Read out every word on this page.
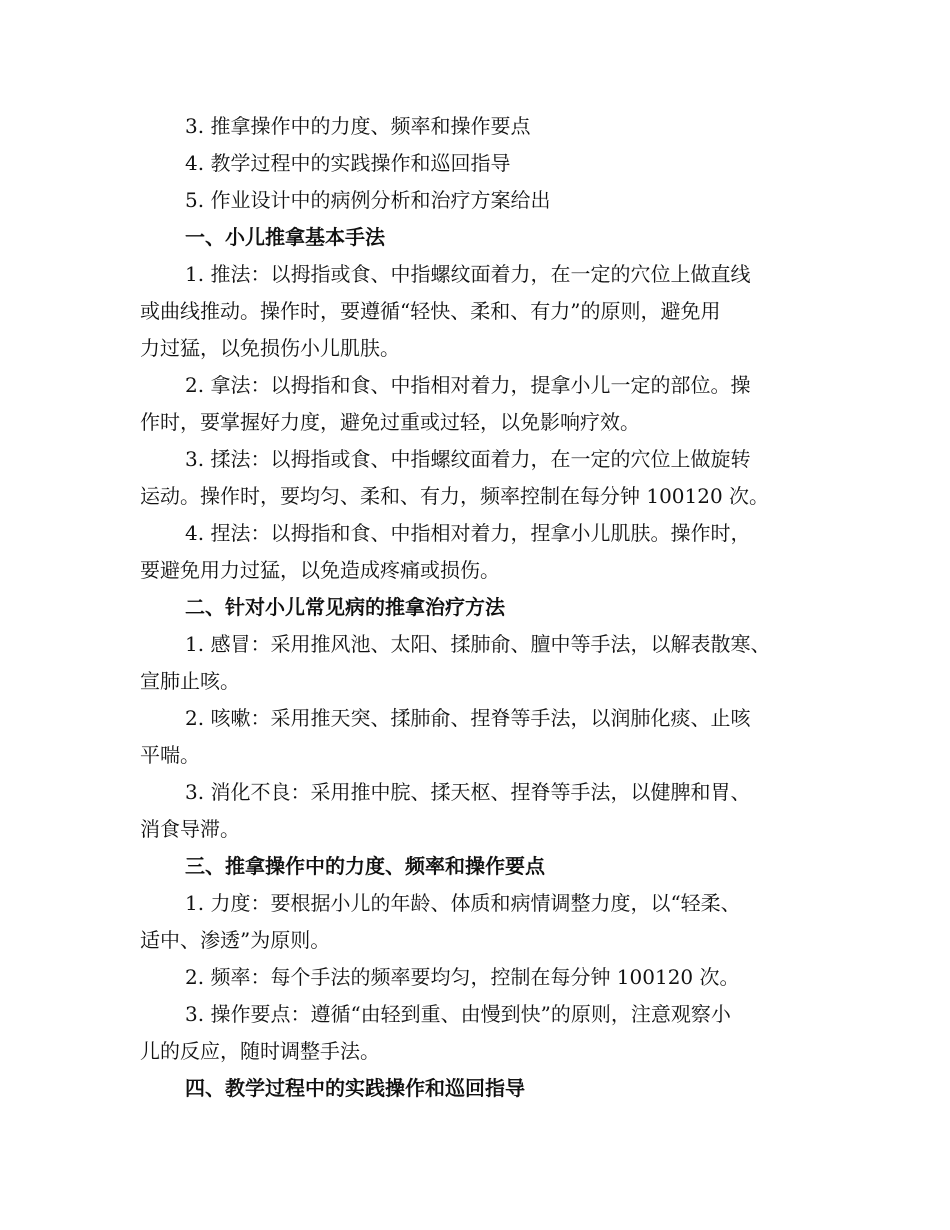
3. 推拿操作中的力度、频率和操作要点
4. 教学过程中的实践操作和巡回指导
5. 作业设计中的病例分析和治疗方案给出
一、小儿推拿基本手法
1. 推法：以拇指或食、中指螺纹面着力，在一定的穴位上做直线
或曲线推动。操作时，要遵循“轻快、柔和、有力”的原则，避免用
力过猛，以免损伤小儿肌肤。
2. 拿法：以拇指和食、中指相对着力，提拿小儿一定的部位。操
作时，要掌握好力度，避免过重或过轻，以免影响疗效。
3. 揉法：以拇指或食、中指螺纹面着力，在一定的穴位上做旋转
运动。操作时，要均匀、柔和、有力，频率控制在每分钟 100120 次。
4. 捏法：以拇指和食、中指相对着力，捏拿小儿肌肤。操作时，
要避免用力过猛，以免造成疼痛或损伤。
二、针对小儿常见病的推拿治疗方法
1. 感冒：采用推风池、太阳、揉肺俞、膻中等手法，以解表散寒、
宣肺止咳。
2. 咳嗽：采用推天突、揉肺俞、捏脊等手法，以润肺化痰、止咳
平喘。
3. 消化不良：采用推中脘、揉天枢、捏脊等手法，以健脾和胃、
消食导滞。
三、推拿操作中的力度、频率和操作要点
1. 力度：要根据小儿的年龄、体质和病情调整力度，以“轻柔、
适中、渗透”为原则。
2. 频率：每个手法的频率要均匀，控制在每分钟 100120 次。
3. 操作要点：遵循“由轻到重、由慢到快”的原则，注意观察小
儿的反应，随时调整手法。
四、教学过程中的实践操作和巡回指导
